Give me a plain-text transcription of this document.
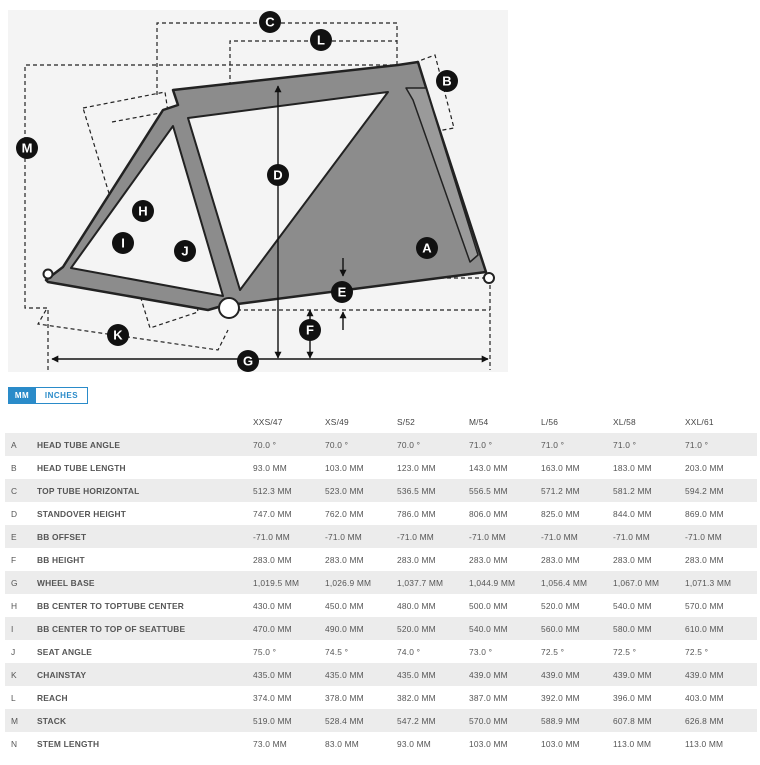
C
L
B
M
D
H
I
J	A
E
F
K
G
MM	INCHES
		XXS/47	XS/49	S/52	M/54	L/56	XL/58	XXL/61
A	HEAD TUBE ANGLE	70.0 °	70.0 °	70.0 °	71.0 °	71.0 °	71.0 °	71.0 °
B	HEAD TUBE LENGTH	93.0 MM	103.0 MM	123.0 MM	143.0 MM	163.0 MM	183.0 MM	203.0 MM
C	TOP TUBE HORIZONTAL	512.3 MM	523.0 MM	536.5 MM	556.5 MM	571.2 MM	581.2 MM	594.2 MM
D	STANDOVER HEIGHT	747.0 MM	762.0 MM	786.0 MM	806.0 MM	825.0 MM	844.0 MM	869.0 MM
E	BB OFFSET	-71.0 MM	-71.0 MM	-71.0 MM	-71.0 MM	-71.0 MM	-71.0 MM	-71.0 MM
F	BB HEIGHT	283.0 MM	283.0 MM	283.0 MM	283.0 MM	283.0 MM	283.0 MM	283.0 MM
G	WHEEL BASE	1,019.5 MM	1,026.9 MM	1,037.7 MM	1,044.9 MM	1,056.4 MM	1,067.0 MM	1,071.3 MM
H	BB CENTER TO TOPTUBE CENTER	430.0 MM	450.0 MM	480.0 MM	500.0 MM	520.0 MM	540.0 MM	570.0 MM
I	BB CENTER TO TOP OF SEATTUBE	470.0 MM	490.0 MM	520.0 MM	540.0 MM	560.0 MM	580.0 MM	610.0 MM
J	SEAT ANGLE	75.0 °	74.5 °	74.0 °	73.0 °	72.5 °	72.5 °	72.5 °
K	CHAINSTAY	435.0 MM	435.0 MM	435.0 MM	439.0 MM	439.0 MM	439.0 MM	439.0 MM
L	REACH	374.0 MM	378.0 MM	382.0 MM	387.0 MM	392.0 MM	396.0 MM	403.0 MM
M	STACK	519.0 MM	528.4 MM	547.2 MM	570.0 MM	588.9 MM	607.8 MM	626.8 MM
N	STEM LENGTH	73.0 MM	83.0 MM	93.0 MM	103.0 MM	103.0 MM	113.0 MM	113.0 MM
